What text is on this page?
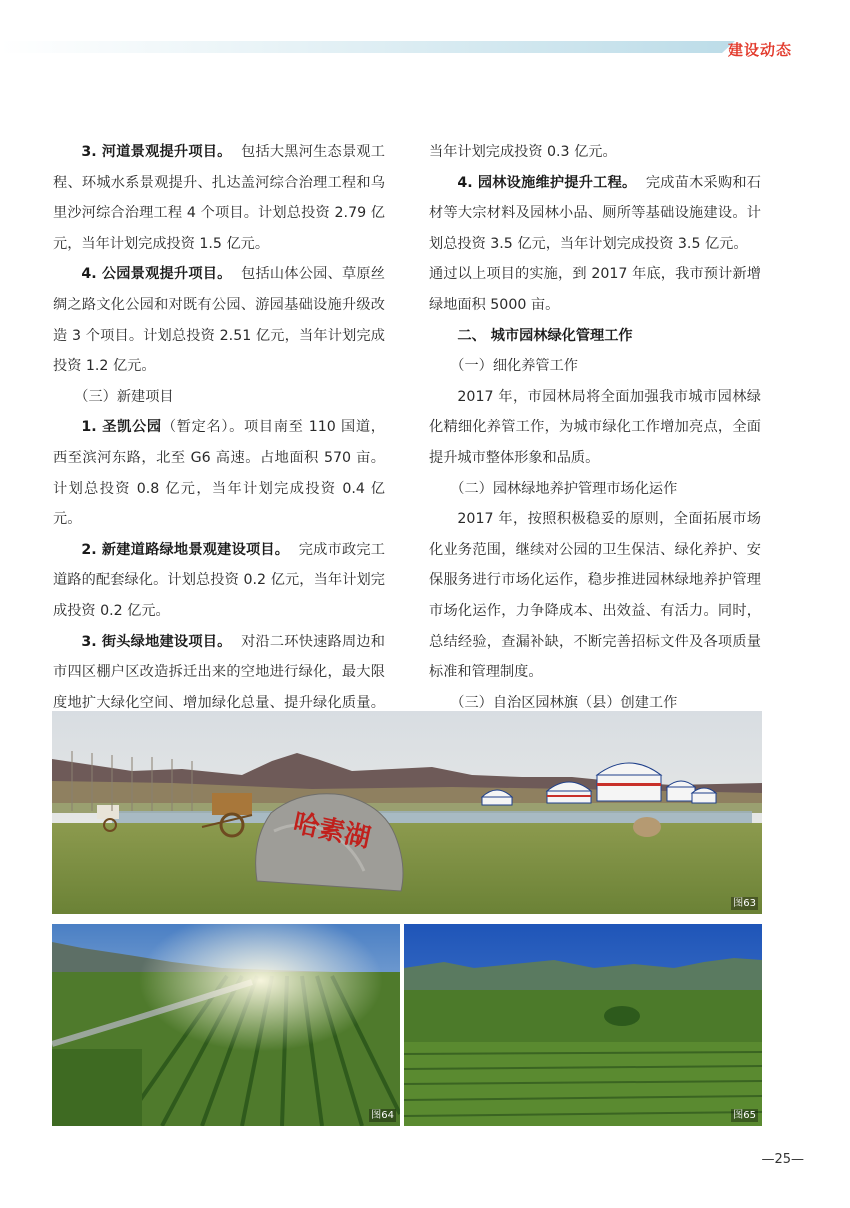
建设动态

3. 河道景观提升项目。 包括大黑河生态景观工程、环城水系景观提升、扎达盖河综合治理工程和乌里沙河综合治理工程 4 个项目。计划总投资 2.79 亿元，当年计划完成投资 1.5 亿元。

4. 公园景观提升项目。 包括山体公园、草原丝绸之路文化公园和对既有公园、游园基础设施升级改造 3 个项目。计划总投资 2.51 亿元，当年计划完成投资 1.2 亿元。

（三）新建项目

1. 圣凯公园（暂定名）。项目南至 110 国道，西至滨河东路，北至 G6 高速。占地面积 570 亩。计划总投资 0.8 亿元，当年计划完成投资 0.4 亿元。

2. 新建道路绿地景观建设项目。 完成市政完工道路的配套绿化。计划总投资 0.2 亿元，当年计划完成投资 0.2 亿元。

3. 街头绿地建设项目。 对沿二环快速路周边和市四区棚户区改造拆迁出来的空地进行绿化，最大限度地扩大绿化空间、增加绿化总量、提升绿化质量。

当年计划完成投资 0.3 亿元。

4. 园林设施维护提升工程。 完成苗木采购和石材等大宗材料及园林小品、厕所等基础设施建设。计划总投资 3.5 亿元，当年计划完成投资 3.5 亿元。

通过以上项目的实施，到 2017 年底，我市预计新增绿地面积 5000 亩。

二、 城市园林绿化管理工作

（一）细化养管工作

2017 年，市园林局将全面加强我市城市园林绿化精细化养管工作，为城市绿化工作增加亮点，全面提升城市整体形象和品质。

（二）园林绿地养护管理市场化运作

2017 年，按照积极稳妥的原则，全面拓展市场化业务范围，继续对公园的卫生保洁、绿化养护、安保服务进行市场化运作，稳步推进园林绿地养护管理市场化运作，力争降成本、出效益、有活力。同时，总结经验，查漏补缺，不断完善招标文件及各项质量标准和管理制度。

（三）自治区园林旗（县）创建工作

哈素湖
图63
图64	图65
—25—
